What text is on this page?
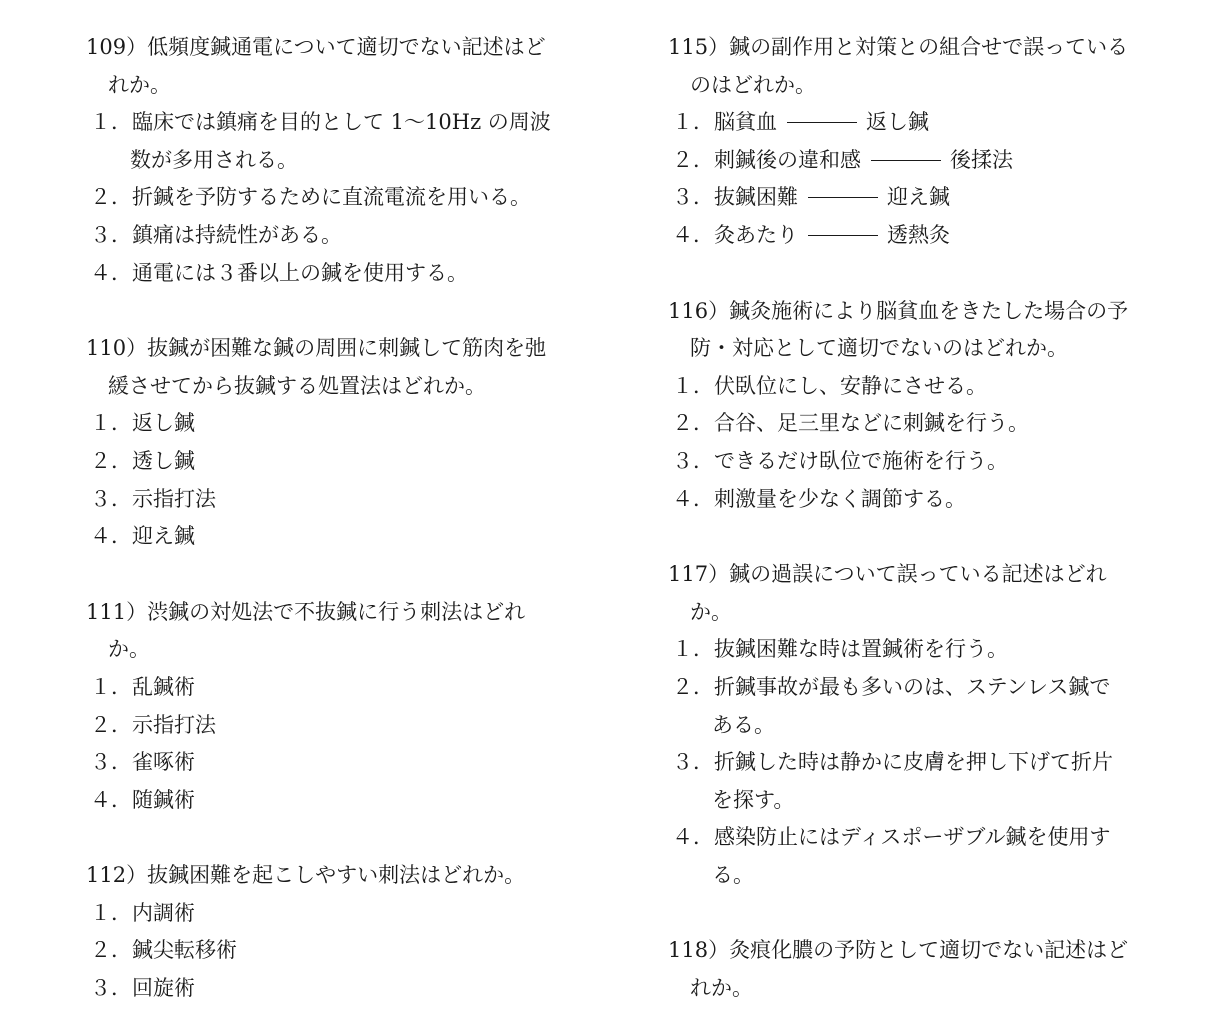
109） 低頻度鍼通電について適切でない記述はど
れか。
１． 臨床では鎮痛を目的として 1～10Hz の周波
数が多用される。
２． 折鍼を予防するために直流電流を用いる。
３． 鎮痛は持続性がある。
４． 通電には３番以上の鍼を使用する。
110） 抜鍼が困難な鍼の周囲に刺鍼して筋肉を弛
緩させてから抜鍼する処置法はどれか。
１． 返し鍼
２． 透し鍼
３． 示指打法
４． 迎え鍼
111） 渋鍼の対処法で不抜鍼に行う刺法はどれ
か。
１． 乱鍼術
２． 示指打法
３． 雀啄術
４． 随鍼術
112） 抜鍼困難を起こしやすい刺法はどれか。
１． 内調術
２． 鍼尖転移術
３． 回旋術
115） 鍼の副作用と対策との組合せで誤っている
のはどれか。
１． 脳貧血	返し鍼
２． 刺鍼後の違和感	後揉法
３． 抜鍼困難	迎え鍼
４． 灸あたり	透熱灸
116） 鍼灸施術により脳貧血をきたした場合の予
防・対応として適切でないのはどれか。
１． 伏臥位にし、安静にさせる。
２． 合谷、足三里などに刺鍼を行う。
３． できるだけ臥位で施術を行う。
４． 刺激量を少なく調節する。
117） 鍼の過誤について誤っている記述はどれ
か。
１． 抜鍼困難な時は置鍼術を行う。
２． 折鍼事故が最も多いのは、ステンレス鍼で
ある。
３． 折鍼した時は静かに皮膚を押し下げて折片
を探す。
４． 感染防止にはディスポーザブル鍼を使用す
る。
118） 灸痕化膿の予防として適切でない記述はど
れか。
